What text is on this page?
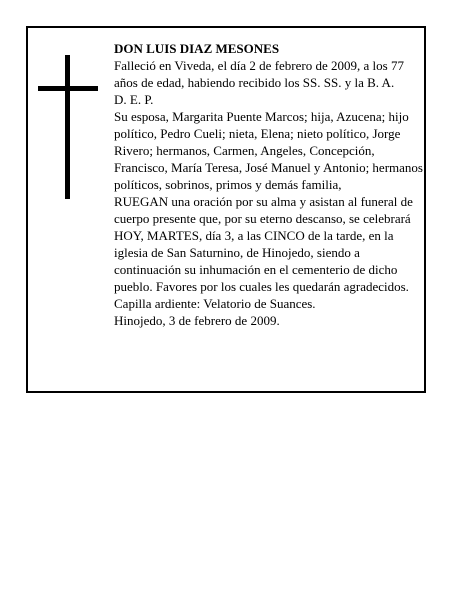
DON LUIS DIAZ MESONES

Falleció en Viveda, el día 2 de febrero de 2009, a los 77 años de edad, habiendo recibido los SS. SS. y la B. A.

D. E. P.

Su esposa, Margarita Puente Marcos; hija, Azucena; hijo político, Pedro Cueli; nieta, Elena; nieto político, Jorge Rivero; hermanos, Carmen, Angeles, Concepción, Francisco, María Teresa, José Manuel y Antonio; hermanos políticos, sobrinos, primos y demás familia,

RUEGAN una oración por su alma y asistan al funeral de cuerpo presente que, por su eterno descanso, se celebrará HOY, MARTES, día 3, a las CINCO de la tarde, en la iglesia de San Saturnino, de Hinojedo, siendo a continuación su inhumación en el cementerio de dicho pueblo. Favores por los cuales les quedarán agradecidos. Capilla ardiente: Velatorio de Suances.

Hinojedo, 3 de febrero de 2009.
